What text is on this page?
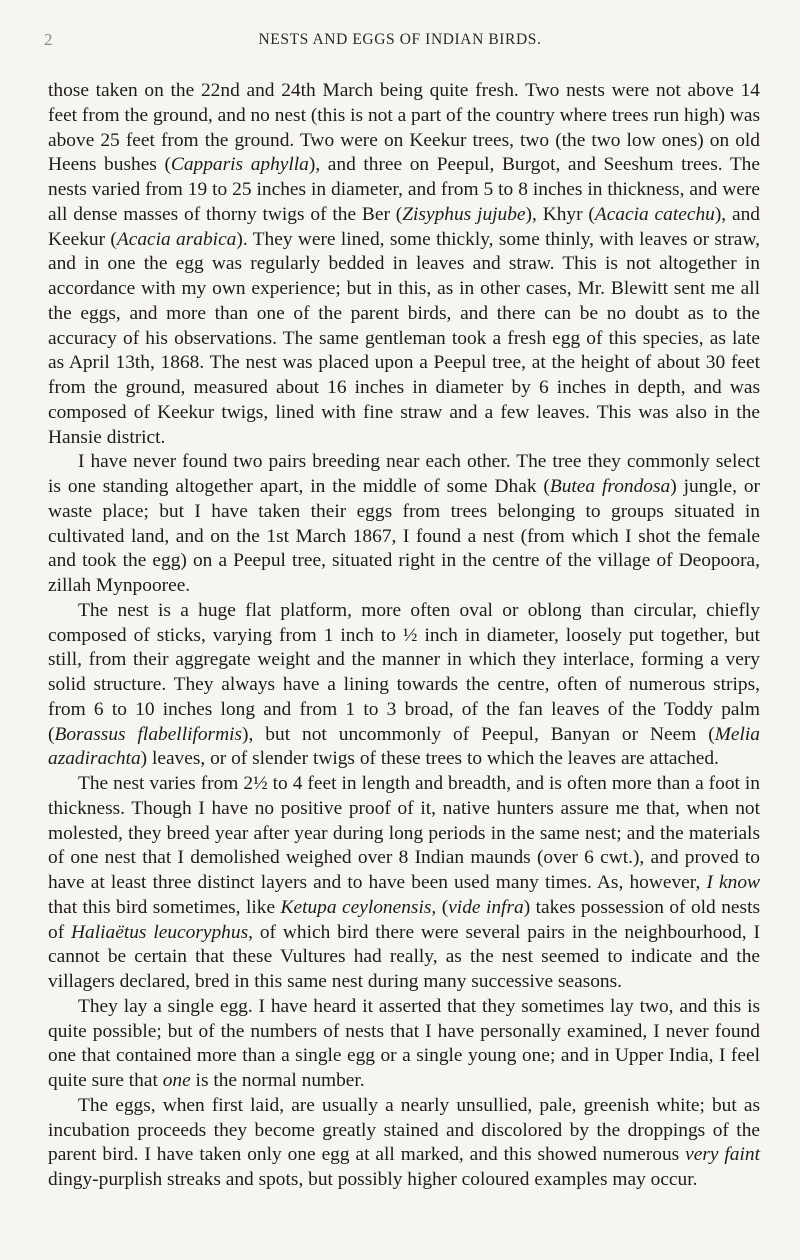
2	NESTS AND EGGS OF INDIAN BIRDS.

those taken on the 22nd and 24th March being quite fresh. Two nests were not above 14 feet from the ground, and no nest (this is not a part of the country where trees run high) was above 25 feet from the ground. Two were on Keekur trees, two (the two low ones) on old Heens bushes (Capparis aphylla), and three on Peepul, Burgot, and Seeshum trees. The nests varied from 19 to 25 inches in diameter, and from 5 to 8 inches in thickness, and were all dense masses of thorny twigs of the Ber (Zisyphus jujube), Khyr (Acacia catechu), and Keekur (Acacia arabica). They were lined, some thickly, some thinly, with leaves or straw, and in one the egg was regularly bedded in leaves and straw. This is not altogether in accordance with my own experience; but in this, as in other cases, Mr. Blewitt sent me all the eggs, and more than one of the parent birds, and there can be no doubt as to the accuracy of his observations. The same gentleman took a fresh egg of this species, as late as April 13th, 1868. The nest was placed upon a Peepul tree, at the height of about 30 feet from the ground, measured about 16 inches in diameter by 6 inches in depth, and was composed of Keekur twigs, lined with fine straw and a few leaves. This was also in the Hansie district.

I have never found two pairs breeding near each other. The tree they commonly select is one standing altogether apart, in the middle of some Dhak (Butea frondosa) jungle, or waste place; but I have taken their eggs from trees belonging to groups situated in cultivated land, and on the 1st March 1867, I found a nest (from which I shot the female and took the egg) on a Peepul tree, situated right in the centre of the village of Deopoora, zillah Mynpooree.

The nest is a huge flat platform, more often oval or oblong than circular, chiefly composed of sticks, varying from 1 inch to ½ inch in diameter, loosely put together, but still, from their aggregate weight and the manner in which they interlace, forming a very solid structure. They always have a lining towards the centre, often of numerous strips, from 6 to 10 inches long and from 1 to 3 broad, of the fan leaves of the Toddy palm (Borassus flabelliformis), but not uncommonly of Peepul, Banyan or Neem (Melia azadirachta) leaves, or of slender twigs of these trees to which the leaves are attached.

The nest varies from 2½ to 4 feet in length and breadth, and is often more than a foot in thickness. Though I have no positive proof of it, native hunters assure me that, when not molested, they breed year after year during long periods in the same nest; and the materials of one nest that I demolished weighed over 8 Indian maunds (over 6 cwt.), and proved to have at least three distinct layers and to have been used many times. As, however, I know that this bird sometimes, like Ketupa ceylonensis, (vide infra) takes possession of old nests of Haliaëtus leucoryphus, of which bird there were several pairs in the neighbourhood, I cannot be certain that these Vultures had really, as the nest seemed to indicate and the villagers declared, bred in this same nest during many successive seasons.

They lay a single egg. I have heard it asserted that they sometimes lay two, and this is quite possible; but of the numbers of nests that I have personally examined, I never found one that contained more than a single egg or a single young one; and in Upper India, I feel quite sure that one is the normal number.

The eggs, when first laid, are usually a nearly unsullied, pale, greenish white; but as incubation proceeds they become greatly stained and discolored by the droppings of the parent bird. I have taken only one egg at all marked, and this showed numerous very faint dingy-purplish streaks and spots, but possibly higher coloured examples may occur.
